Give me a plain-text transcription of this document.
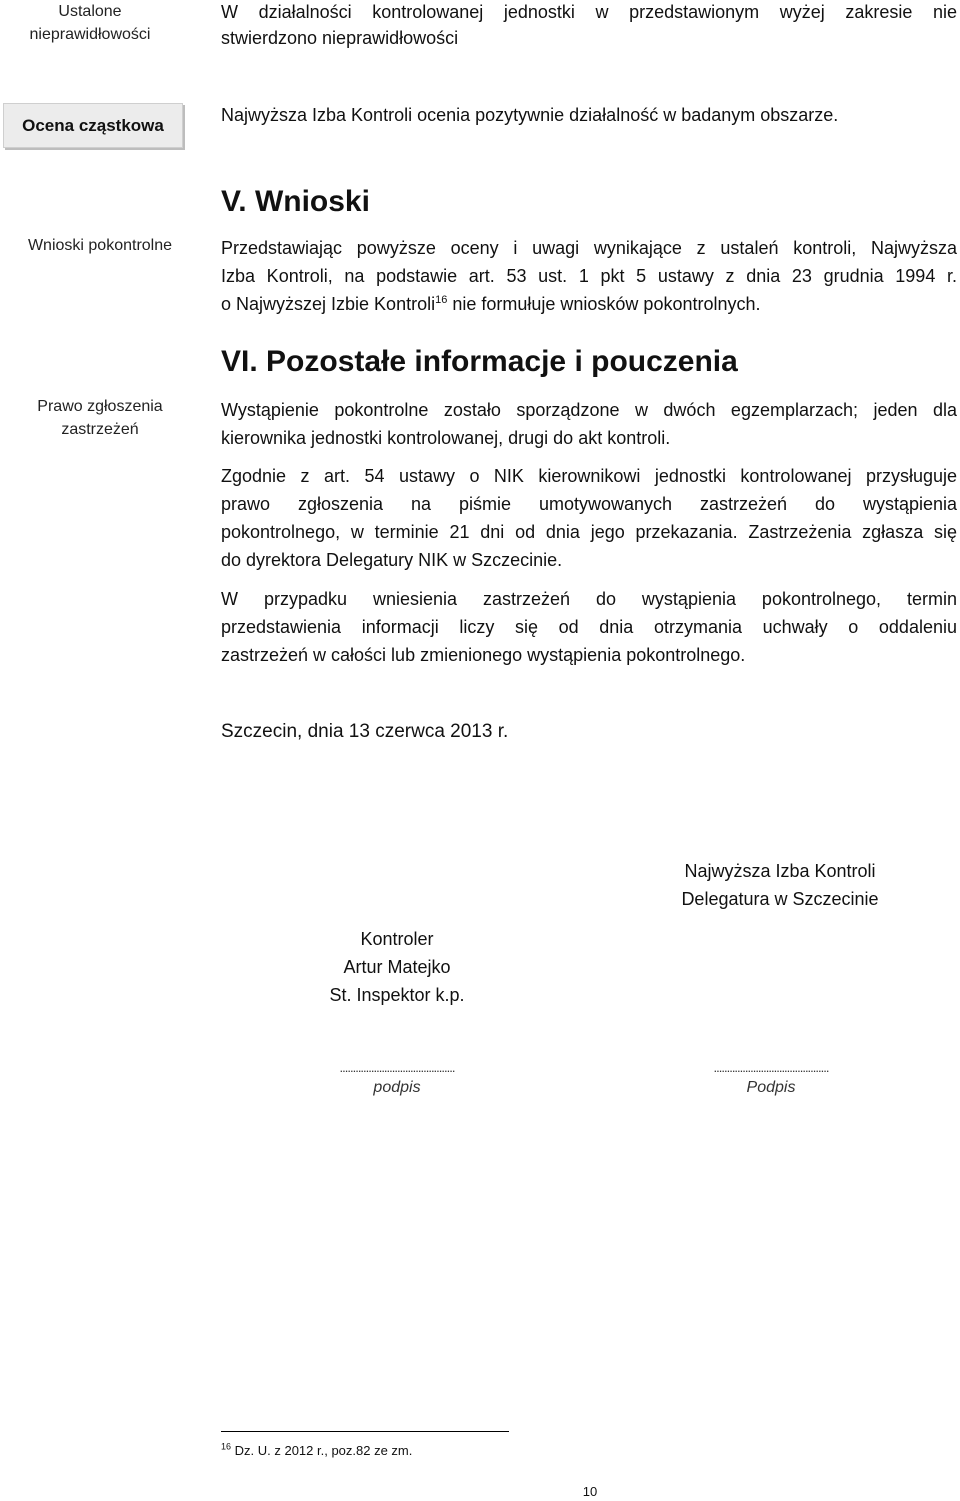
Ustalone nieprawidłowości
Ocena cząstkowa
Wnioski pokontrolne
Prawo zgłoszenia zastrzeżeń
W działalności kontrolowanej jednostki w przedstawionym wyżej zakresie nie
stwierdzono nieprawidłowości
Najwyższa Izba Kontroli ocenia pozytywnie działalność w badanym obszarze.
V. Wnioski
Przedstawiając powyższe oceny i uwagi wynikające z ustaleń kontroli, Najwyższa
Izba Kontroli, na podstawie art. 53 ust. 1 pkt 5 ustawy z dnia 23 grudnia 1994 r.
o Najwyższej Izbie Kontroli$^{16}$ nie formułuje wniosków pokontrolnych.
VI. Pozostałe informacje i pouczenia
Wystąpienie pokontrolne zostało sporządzone w dwóch egzemplarzach; jeden dla
kierownika jednostki kontrolowanej, drugi do akt kontroli.
Zgodnie z art. 54 ustawy o NIK kierownikowi jednostki kontrolowanej przysługuje
prawo zgłoszenia na piśmie umotywowanych zastrzeżeń do wystąpienia
pokontrolnego, w terminie 21 dni od dnia jego przekazania. Zastrzeżenia zgłasza się
do dyrektora Delegatury NIK w Szczecinie.
W przypadku wniesienia zastrzeżeń do wystąpienia pokontrolnego, termin
przedstawienia informacji liczy się od dnia otrzymania uchwały o oddaleniu
zastrzeżeń w całości lub zmienionego wystąpienia pokontrolnego.
Szczecin, dnia 13 czerwca 2013 r.
Najwyższa Izba Kontroli
Delegatura w Szczecinie
Kontroler
Artur Matejko
St. Inspektor k.p.
............................................
podpis
............................................
Podpis
$^{16}$ Dz. U. z 2012 r., poz.82 ze zm.
10
